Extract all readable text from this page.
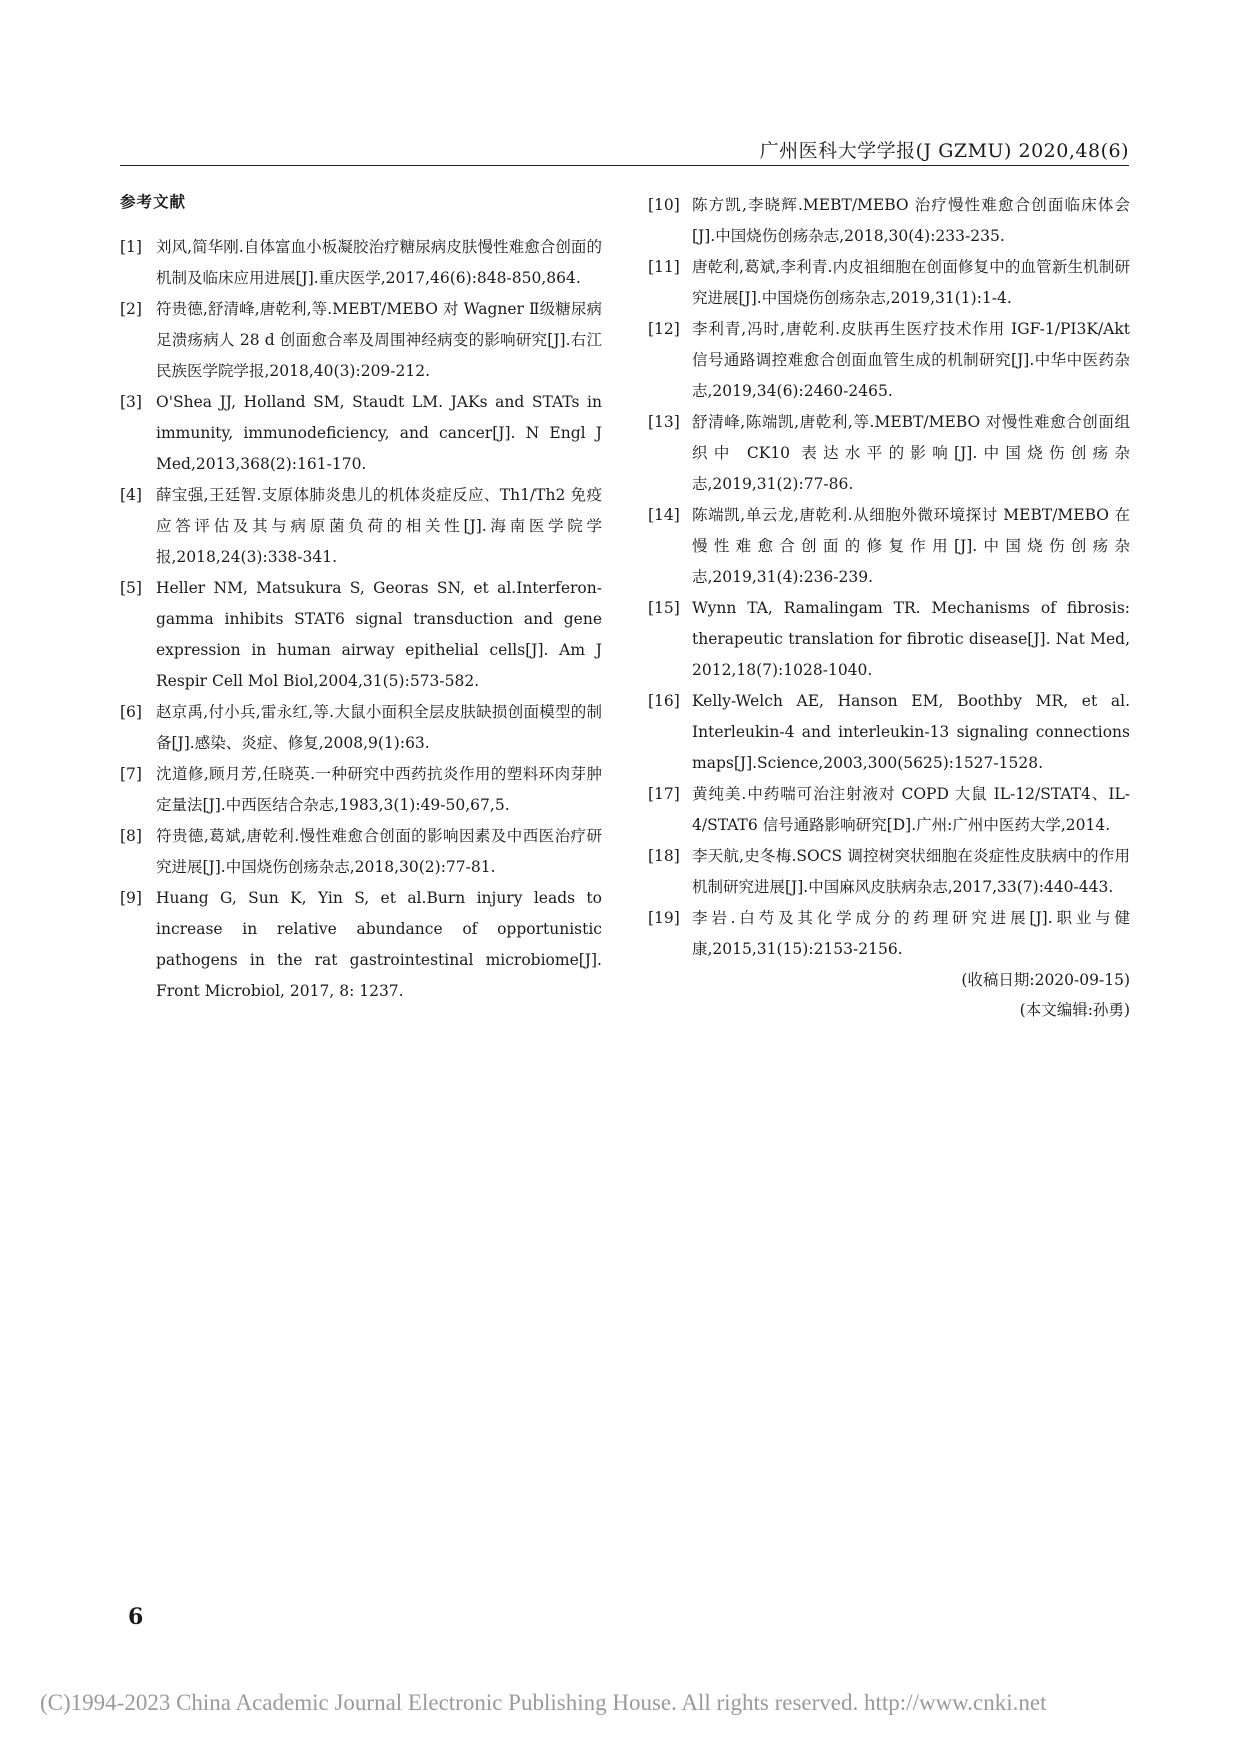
广州医科大学学报(J GZMU) 2020,48(6)
参考文献
[1] 刘风,简华刚.自体富血小板凝胶治疗糖尿病皮肤慢性难愈合创面的机制及临床应用进展[J].重庆医学,2017,46(6):848-850,864.
[2] 符贵德,舒清峰,唐乾利,等.MEBT/MEBO 对 Wagner Ⅱ级糖尿病足溃疡病人 28 d 创面愈合率及周围神经病变的影响研究[J].右江民族医学院学报,2018,40(3):209-212.
[3] O'Shea JJ, Holland SM, Staudt LM. JAKs and STATs in immunity, immunodeficiency, and cancer[J]. N Engl J Med,2013,368(2):161-170.
[4] 薛宝强,王廷智.支原体肺炎患儿的机体炎症反应、Th1/Th2 免疫应答评估及其与病原菌负荷的相关性[J].海南医学院学报,2018,24(3):338-341.
[5] Heller NM, Matsukura S, Georas SN, et al.Interferon-gamma inhibits STAT6 signal transduction and gene expression in human airway epithelial cells[J]. Am J Respir Cell Mol Biol,2004,31(5):573-582.
[6] 赵京禹,付小兵,雷永红,等.大鼠小面积全层皮肤缺损创面模型的制备[J].感染、炎症、修复,2008,9(1):63.
[7] 沈道修,顾月芳,任晓英.一种研究中西药抗炎作用的塑料环肉芽肿定量法[J].中西医结合杂志,1983,3(1):49-50,67,5.
[8] 符贵德,葛斌,唐乾利.慢性难愈合创面的影响因素及中西医治疗研究进展[J].中国烧伤创疡杂志,2018,30(2):77-81.
[9] Huang G, Sun K, Yin S, et al.Burn injury leads to increase in relative abundance of opportunistic pathogens in the rat gastrointestinal microbiome[J]. Front Microbiol, 2017, 8: 1237.
[10] 陈方凯,李晓辉.MEBT/MEBO 治疗慢性难愈合创面临床体会[J].中国烧伤创疡杂志,2018,30(4):233-235.
[11] 唐乾利,葛斌,李利青.内皮祖细胞在创面修复中的血管新生机制研究进展[J].中国烧伤创疡杂志,2019,31(1):1-4.
[12] 李利青,冯时,唐乾利.皮肤再生医疗技术作用 IGF-1/PI3K/Akt 信号通路调控难愈合创面血管生成的机制研究[J].中华中医药杂志,2019,34(6):2460-2465.
[13] 舒清峰,陈端凯,唐乾利,等.MEBT/MEBO 对慢性难愈合创面组织中 CK10 表达水平的影响[J].中国烧伤创疡杂志,2019,31(2):77-86.
[14] 陈端凯,单云龙,唐乾利.从细胞外微环境探讨 MEBT/MEBO 在慢性难愈合创面的修复作用[J].中国烧伤创疡杂志,2019,31(4):236-239.
[15] Wynn TA, Ramalingam TR. Mechanisms of fibrosis: therapeutic translation for fibrotic disease[J]. Nat Med, 2012,18(7):1028-1040.
[16] Kelly-Welch AE, Hanson EM, Boothby MR, et al. Interleukin-4 and interleukin-13 signaling connections maps[J].Science,2003,300(5625):1527-1528.
[17] 黄纯美.中药喘可治注射液对 COPD 大鼠 IL-12/STAT4、IL-4/STAT6 信号通路影响研究[D].广州:广州中医药大学,2014.
[18] 李天航,史冬梅.SOCS 调控树突状细胞在炎症性皮肤病中的作用机制研究进展[J].中国麻风皮肤病杂志,2017,33(7):440-443.
[19] 李岩.白芍及其化学成分的药理研究进展[J].职业与健康,2015,31(15):2153-2156.
(收稿日期:2020-09-15)
(本文编辑:孙勇)
6
(C)1994-2023 China Academic Journal Electronic Publishing House. All rights reserved. http://www.cnki.net
